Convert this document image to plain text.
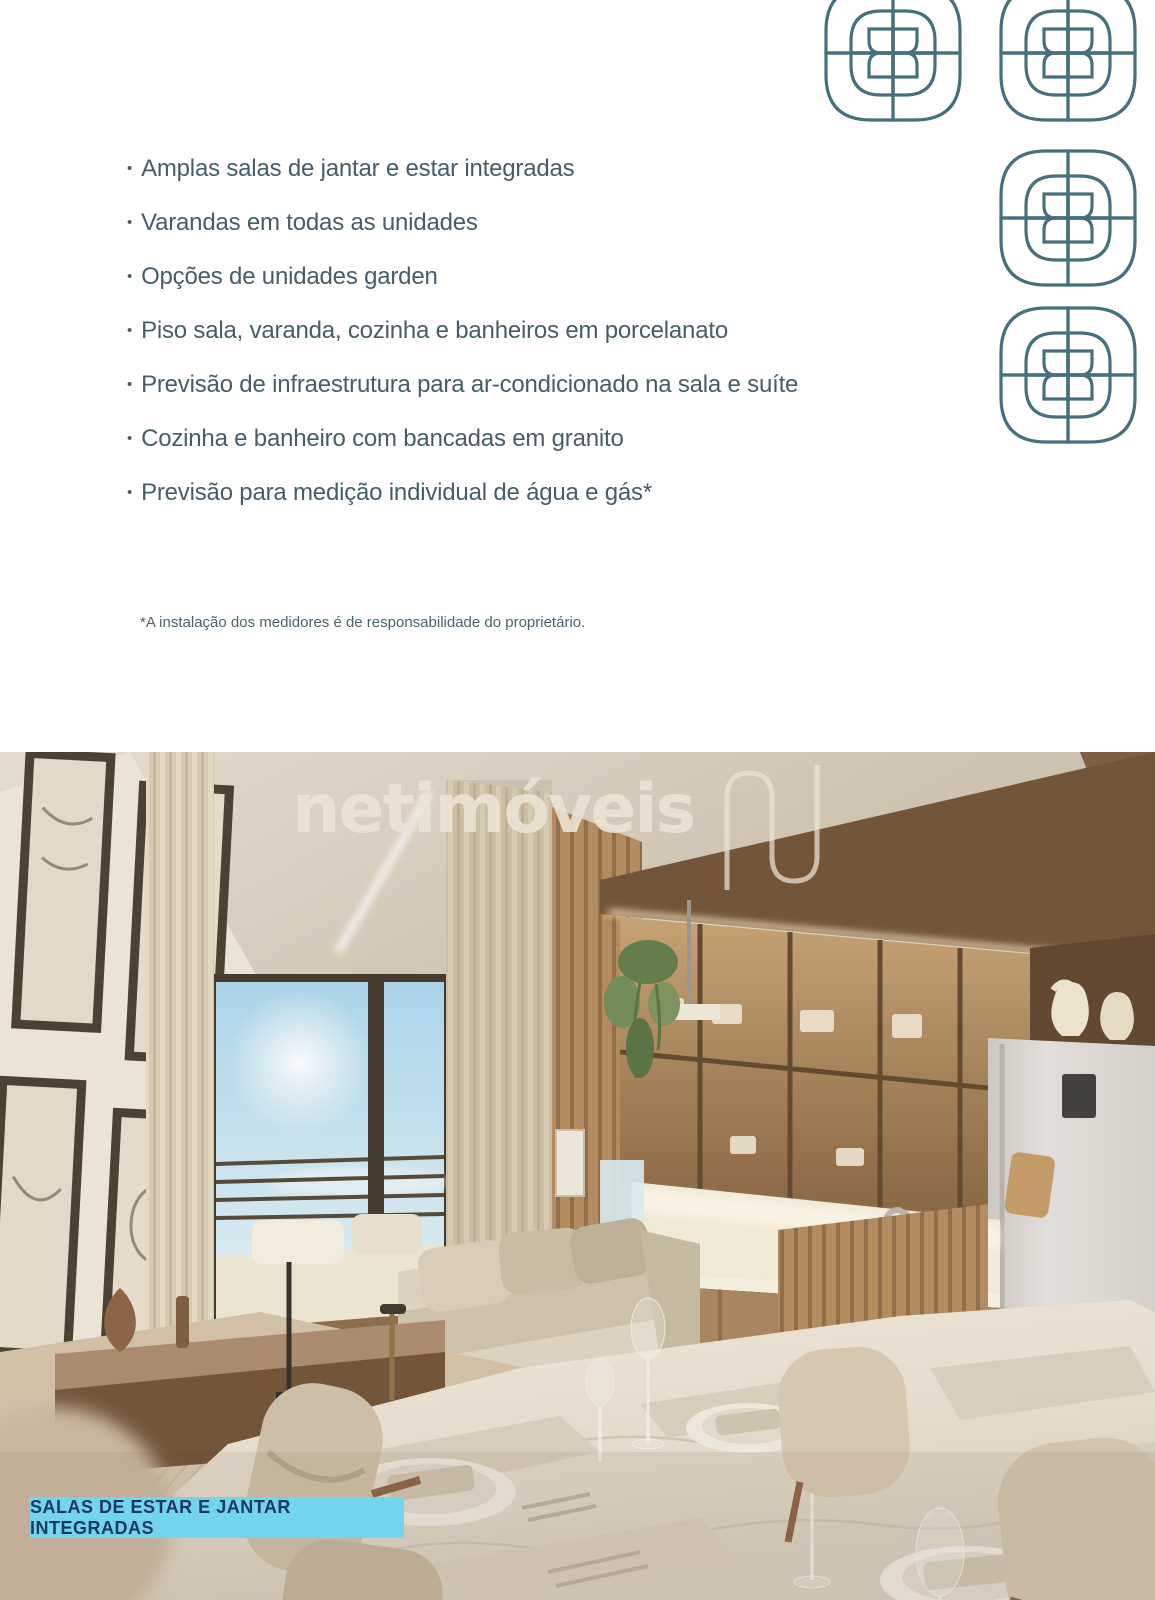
• Amplas salas de jantar e estar integradas
• Varandas em todas as unidades
• Opções de unidades garden
• Piso sala, varanda, cozinha e banheiros em porcelanato
• Previsão de infraestrutura para ar-condicionado na sala e suíte
• Cozinha e banheiro com bancadas em granito
• Previsão para medição individual de água e gás*

*A instalação dos medidores é de responsabilidade do proprietário.

netimóveis
SALAS DE ESTAR E JANTAR INTEGRADAS
